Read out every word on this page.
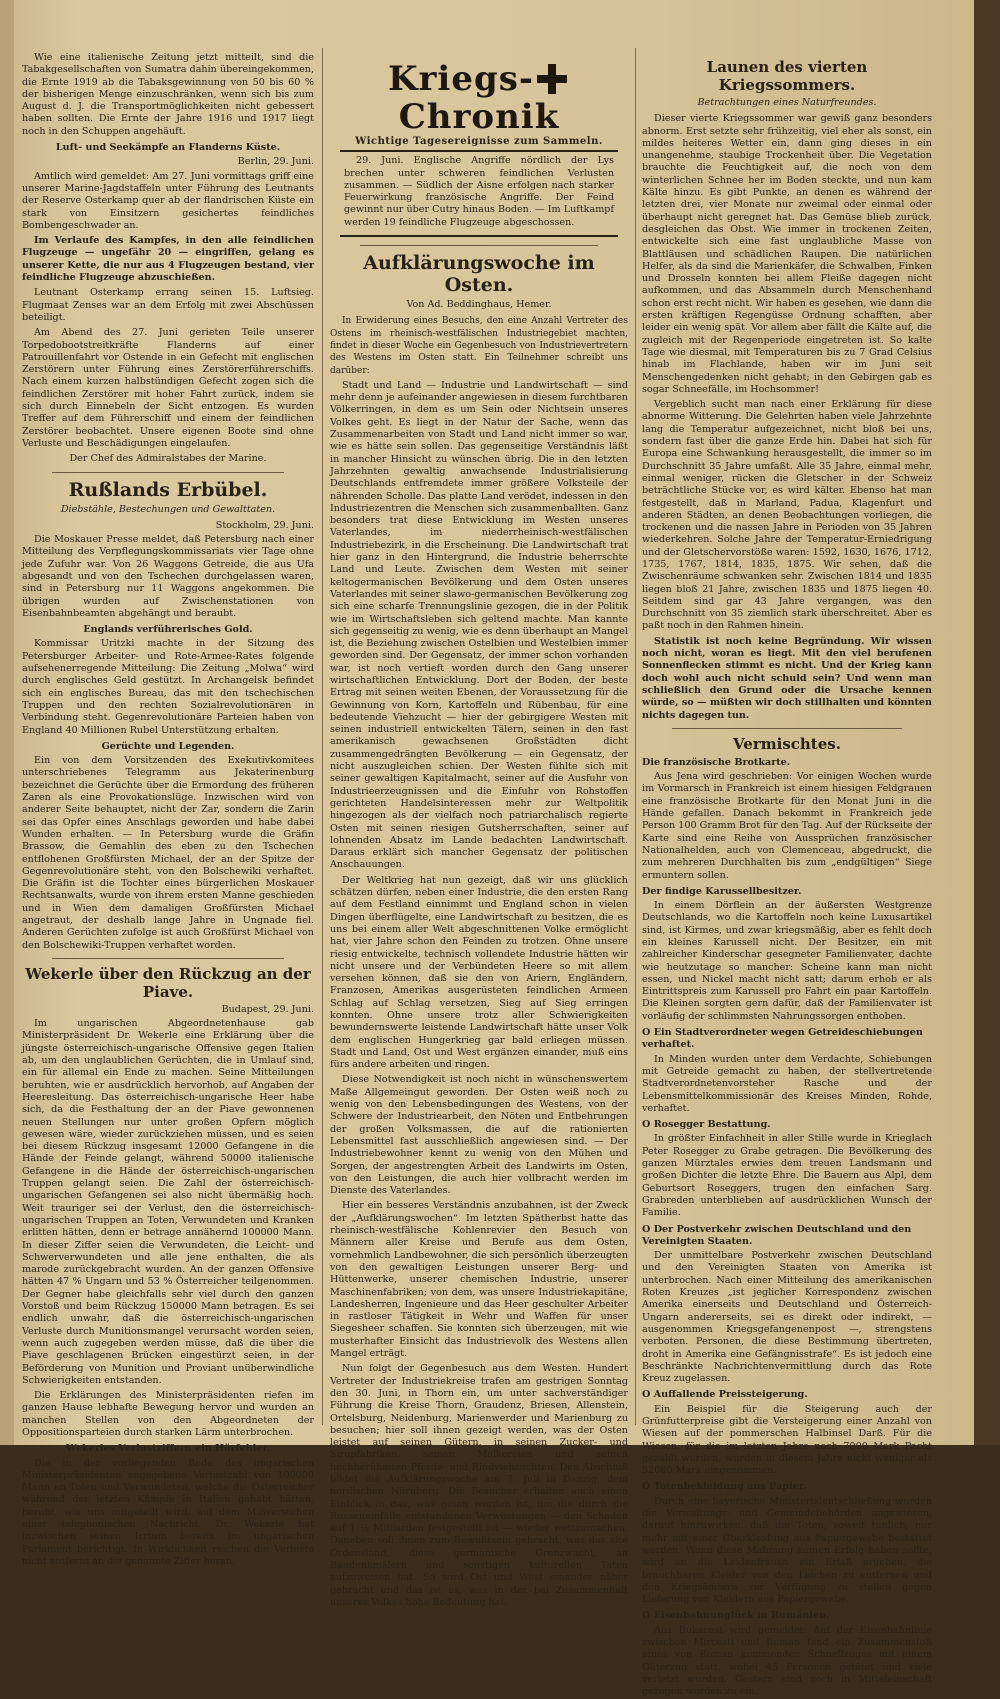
Wie eine italienische Zeitung jetzt mitteilt, sind die Tabakgesellschaften von Sumatra dahin übereingekommen, die Ernte 1919 ab die Tabaksgewinnung von 50 bis 60 % der bisherigen Menge einzuschränken, wenn sich bis zum August d. J. die Transportmöglichkeiten nicht gebessert haben sollten. Die Ernte der Jahre 1916 und 1917 liegt noch in den Schuppen angehäuft.

Luft- und Seekämpfe an Flanderns Küste.
Berlin, 29. Juni.

Amtlich wird gemeldet: Am 27. Juni vormittags griff eine unserer Marine-Jagdstaffeln unter Führung des Leutnants der Reserve Osterkamp quer ab der flandrischen Küste ein stark von Einsitzern gesichertes feindliches Bombengeschwader an.

Im Verlaufe des Kampfes, in den alle feindlichen Flugzeuge — ungefähr 20 — eingriffen, gelang es unserer Kette, die nur aus 4 Flugzeugen bestand, vier feindliche Flugzeuge abzuschießen.

Leutnant Osterkamp errang seinen 15. Luftsieg. Flugmaat Zenses war an dem Erfolg mit zwei Abschüssen beteiligt.

Am Abend des 27. Juni gerieten Teile unserer Torpedobootstreitkräfte Flanderns auf einer Patrouillenfahrt vor Ostende in ein Gefecht mit englischen Zerstörern unter Führung eines Zerstörerführerschiffs. Nach einem kurzen halbstündigen Gefecht zogen sich die feindlichen Zerstörer mit hoher Fahrt zurück, indem sie sich durch Einnebeln der Sicht entzogen. Es wurden Treffer auf dem Führerschiff und einem der feindlichen Zerstörer beobachtet. Unsere eigenen Boote sind ohne Verluste und Beschädigungen eingelaufen.

Der Chef des Admiralstabes der Marine.
Rußlands Erbübel.
Diebstähle, Bestechungen und Gewalttaten.
Stockholm, 29. Juni.

Die Moskauer Presse meldet, daß Petersburg nach einer Mitteilung des Verpflegungskommissariats vier Tage ohne jede Zufuhr war. Von 26 Waggons Getreide, die aus Ufa abgesandt und von den Tschechen durchgelassen waren, sind in Petersburg nur 11 Waggons angekommen. Die übrigen wurden auf Zwischenstationen von Eisenbahnbeamten abgehängt und beraubt.

Englands verführerisches Gold.

Kommissar Uritzki machte in der Sitzung des Petersburger Arbeiter- und Rote-Armee-Rates folgende aufsehenerregende Mitteilung: Die Zeitung „Molwa“ wird durch englisches Geld gestützt. In Archangelsk befindet sich ein englisches Bureau, das mit den tschechischen Truppen und den rechten Sozialrevolutionären in Verbindung steht. Gegenrevolutionäre Parteien haben von England 40 Millionen Rubel Unterstützung erhalten.

Gerüchte und Legenden.

Ein von dem Vorsitzenden des Exekutivkomitees unterschriebenes Telegramm aus Jekaterinenburg bezeichnet die Gerüchte über die Ermordung des früheren Zaren als eine Provokationslüge. Inzwischen wird von anderer Seite behauptet, nicht der Zar, sondern die Zarin sei das Opfer eines Anschlags geworden und habe dabei Wunden erhalten. — In Petersburg wurde die Gräfin Brassow, die Gemahlin des eben zu den Tschechen entflohenen Großfürsten Michael, der an der Spitze der Gegenrevolutionäre steht, von den Bolschewiki verhaftet. Die Gräfin ist die Tochter eines bürgerlichen Moskauer Rechtsanwalts, wurde von ihrem ersten Manne geschieden und in Wien dem damaligen Großfürsten Michael angetraut, der deshalb lange Jahre in Ungnade fiel. Anderen Gerüchten zufolge ist auch Großfürst Michael von den Bolschewiki-Truppen verhaftet worden.

Wekerle über den Rückzug an der Piave.
Budapest, 29. Juni.

Im ungarischen Abgeordnetenhause gab Ministerpräsident Dr. Wekerle eine Erklärung über die jüngste österreichisch-ungarische Offensive gegen Italien ab, um den unglaublichen Gerüchten, die in Umlauf sind, ein für allemal ein Ende zu machen. Seine Mitteilungen beruhten, wie er ausdrücklich hervorhob, auf Angaben der Heeresleitung. Das österreichisch-ungarische Heer habe sich, da die Festhaltung der an der Piave gewonnenen neuen Stellungen nur unter großen Opfern möglich gewesen wäre, wieder zurückziehen müssen, und es seien bei diesem Rückzug insgesamt 12000 Gefangene in die Hände der Feinde gelangt, während 50000 italienische Gefangene in die Hände der österreichisch-ungarischen Truppen gelangt seien. Die Zahl der österreichisch-ungarischen Gefangenen sei also nicht übermäßig hoch. Weit trauriger sei der Verlust, den die österreichisch-ungarischen Truppen an Toten, Verwundeten und Kranken erlitten hätten, denn er betrage annähernd 100000 Mann. In dieser Ziffer seien die Verwundeten, die Leicht- und Schwerverwundeten und alle jene enthalten, die als marode zurückgebracht wurden. An der ganzen Offensive hätten 47 % Ungarn und 53 % Österreicher teilgenommen. Der Gegner habe gleichfalls sehr viel durch den ganzen Vorstoß und beim Rückzug 150000 Mann betragen. Es sei endlich unwahr, daß die österreichisch-ungarischen Verluste durch Munitionsmangel verursacht worden seien, wenn auch zugegeben werden müsse, daß die über die Piave geschlagenen Brücken eingestürzt seien, in der Beförderung von Munition und Proviant unüberwindliche Schwierigkeiten entstanden.

Die Erklärungen des Ministerpräsidenten riefen im ganzen Hause lebhafte Bewegung hervor und wurden an manchen Stellen von den Abgeordneten der Oppositionsparteien durch starken Lärm unterbrochen.

Wekerles Verlustziffern ein Hörfehler.

Die in der vorliegenden Rede des ungarischen Ministerpräsidenten angegebene Verlustzahl von 100000 Mann an Toten und Verwundeten, welche die Österreicher während der letzten Kämpfe in Italien gehabt hätten, beruht, wie uns mitgeteilt wird, auf dem Mißverstehen einer telephonischen Nachricht. Dr. Wekerle hat inzwischen seinen Irrtum bereits im ungarischen Parlament berichtigt. In Wirklichkeit reichen die Verluste nicht entfernt an die genannte Ziffer heran.

Kriegs-Chronik
Wichtige Tagesereignisse zum Sammeln.

29. Juni. Englische Angriffe nördlich der Lys brechen unter schweren feindlichen Verlusten zusammen. — Südlich der Aisne erfolgen nach starker Feuerwirkung französische Angriffe. Der Feind gewinnt nur über Cutry hinaus Boden. — Im Luftkampf werden 19 feindliche Flugzeuge abgeschossen.

Aufklärungswoche im Osten.
Von Ad. Beddinghaus, Hemer.

In Erwiderung eines Besuchs, den eine Anzahl Vertreter des Ostens im rheinisch-westfälischen Industriegebiet machten, findet in dieser Woche ein Gegenbesuch von Industrievertretern des Westens im Osten statt. Ein Teilnehmer schreibt uns darüber:

Stadt und Land — Industrie und Landwirtschaft — sind mehr denn je aufeinander angewiesen in diesem furchtbaren Völkerringen, in dem es um Sein oder Nichtsein unseres Volkes geht. Es liegt in der Natur der Sache, wenn das Zusammenarbeiten von Stadt und Land nicht immer so war, wie es hätte sein sollen. Das gegenseitige Verständnis läßt in mancher Hinsicht zu wünschen übrig. Die in den letzten Jahrzehnten gewaltig anwachsende Industrialisierung Deutschlands entfremdete immer größere Volksteile der nährenden Scholle. Das platte Land verödet, indessen in den Industriezentren die Menschen sich zusammenballten. Ganz besonders trat diese Entwicklung im Westen unseres Vaterlandes, im niederrheinisch-westfälischen Industriebezirk, in die Erscheinung. Die Landwirtschaft trat hier ganz in den Hintergrund, die Industrie beherrschte Land und Leute. Zwischen dem Westen mit seiner keltogermanischen Bevölkerung und dem Osten unseres Vaterlandes mit seiner slawo-germanischen Bevölkerung zog sich eine scharfe Trennungslinie gezogen, die in der Politik wie im Wirtschaftsleben sich geltend machte. Man kannte sich gegenseitig zu wenig, wie es denn überhaupt an Mangel ist, die Beziehung zwischen Ostelbien und Westelbien immer geworden sind. Der Gegensatz, der immer schon vorhanden war, ist noch vertieft worden durch den Gang unserer wirtschaftlichen Entwicklung. Dort der Boden, der beste Ertrag mit seinen weiten Ebenen, der Voraussetzung für die Gewinnung von Korn, Kartoffeln und Rübenbau, für eine bedeutende Viehzucht — hier der gebirgigere Westen mit seinen industriell entwickelten Tälern, seinen in den fast amerikanisch gewachsenen Großstädten dicht zusammengedrängten Bevölkerung — ein Gegensatz, der nicht auszugleichen schien. Der Westen fühlte sich mit seiner gewaltigen Kapitalmacht, seiner auf die Ausfuhr von Industrieerzeugnissen und die Einfuhr von Rohstoffen gerichteten Handelsinteressen mehr zur Weltpolitik hingezogen als der vielfach noch patriarchalisch regierte Osten mit seinen riesigen Gutsherrschaften, seiner auf lohnenden Absatz im Lande bedachten Landwirtschaft. Daraus erklärt sich mancher Gegensatz der politischen Anschauungen.

Der Weltkrieg hat nun gezeigt, daß wir uns glücklich schätzen dürfen, neben einer Industrie, die den ersten Rang auf dem Festland einnimmt und England schon in vielen Dingen überflügelte, eine Landwirtschaft zu besitzen, die es uns bei einem aller Welt abgeschnittenen Volke ermöglicht hat, vier Jahre schon den Feinden zu trotzen. Ohne unsere riesig entwickelte, technisch vollendete Industrie hätten wir nicht unsere und der Verbündeten Heere so mit allem versehen können, daß sie den von Ariern, Engländern, Franzosen, Amerikas ausgerüsteten feindlichen Armeen Schlag auf Schlag versetzen, Sieg auf Sieg erringen konnten. Ohne unsere trotz aller Schwierigkeiten bewundernswerte leistende Landwirtschaft hätte unser Volk dem englischen Hungerkrieg gar bald erliegen müssen. Stadt und Land, Ost und West ergänzen einander, muß eins fürs andere arbeiten und ringen.

Diese Notwendigkeit ist noch nicht in wünschenswertem Maße Allgemeingut geworden. Der Osten weiß noch zu wenig von den Lebensbedingungen des Westens, von der Schwere der Industriearbeit, den Nöten und Entbehrungen der großen Volksmassen, die auf die rationierten Lebensmittel fast ausschließlich angewiesen sind. — Der Industriebewohner kennt zu wenig von den Mühen und Sorgen, der angestrengten Arbeit des Landwirts im Osten, von den Leistungen, die auch hier vollbracht werden im Dienste des Vaterlandes.

Hier ein besseres Verständnis anzubahnen, ist der Zweck der „Aufklärungswochen“. Im letzten Spätherbst hatte das rheinisch-westfälische Kohlenrevier den Besuch von Männern aller Kreise und Berufe aus dem Osten, vornehmlich Landbewohner, die sich persönlich überzeugten von den gewaltigen Leistungen unserer Berg- und Hüttenwerke, unserer chemischen Industrie, unserer Maschinenfabriken; von dem, was unsere Industriekapitäne, Landesherren, Ingenieure und das Heer geschulter Arbeiter in rastloser Tätigkeit in Wehr und Waffen für unser Siegesheer schaffen. Sie konnten sich überzeugen, mit wie musterhafter Einsicht das Industrievolk des Westens allen Mangel erträgt.

Nun folgt der Gegenbesuch aus dem Westen. Hundert Vertreter der Industriekreise trafen am gestrigen Sonntag den 30. Juni, in Thorn ein, um unter sachverständiger Führung die Kreise Thorn, Graudenz, Briesen, Allenstein, Ortelsburg, Neidenburg, Marienwerder und Marienburg zu besuchen; hier soll ihnen gezeigt werden, was der Osten leistet auf seinen Gütern, in seinen Zucker- und Sirupfabriken, seinen Molkereien und seinen hochberühmten Pferde- und Rindviehzuchten. Den Abschluß bildet die Aufklärungswoche am 7. Juli in Danzig, dem nordischen Nürnberg. Die Besucher erhalten auch einen Einblick in das, was getan worden ist, um die durch die Russeneinfälle entstandenen Verwüstungen — den Schaden auf 1 ½ Milliarden festgestellt ist — wieder wettzumachen. Daneben soll ihnen zum Bewußtsein gebracht, was das alte Ordensland, diese germanische Grenzwacht, an Baudenkmälern und sonstigen kulturellen Taten aufzuweisen hat. So wird Ost und West einander näher gebracht und das ist es, was in der bei Zusammenhalt unseres Volkes hohe Bedeutung hat.

Launen des vierten Kriegssommers.
Betrachtungen eines Naturfreundes.

Dieser vierte Kriegssommer war gewiß ganz besonders abnorm. Erst setzte sehr frühzeitig, viel eher als sonst, ein mildes heiteres Wetter ein, dann ging dieses in ein unangenehme, staubige Trockenheit über. Die Vegetation brauchte die Feuchtigkeit auf, die noch von dem winterlichen Schnee her im Boden steckte, und nun kam Kälte hinzu. Es gibt Punkte, an denen es während der letzten drei, vier Monate nur zweimal oder einmal oder überhaupt nicht geregnet hat. Das Gemüse blieb zurück, desgleichen das Obst. Wie immer in trockenen Zeiten, entwickelte sich eine fast unglaubliche Masse von Blattläusen und schädlichen Raupen. Die natürlichen Helfer, als da sind die Marienkäfer, die Schwalben, Finken und Drosseln konnten bei allem Fleiße dagegen nicht aufkommen, und das Absammeln durch Menschenhand schon erst recht nicht. Wir haben es gesehen, wie dann die ersten kräftigen Regengüsse Ordnung schafften, aber leider ein wenig spät. Vor allem aber fällt die Kälte auf, die zugleich mit der Regenperiode eingetreten ist. So kalte Tage wie diesmal, mit Temperaturen bis zu 7 Grad Celsius hinab im Flachlande, haben wir im Juni seit Menschengedenken nicht gehabt; in den Gebirgen gab es sogar Schneefälle, im Hochsommer!

Vergeblich sucht man nach einer Erklärung für diese abnorme Witterung. Die Gelehrten haben viele Jahrzehnte lang die Temperatur aufgezeichnet, nicht bloß bei uns, sondern fast über die ganze Erde hin. Dabei hat sich für Europa eine Schwankung herausgestellt, die immer so im Durchschnitt 35 Jahre umfaßt. Alle 35 Jahre, einmal mehr, einmal weniger, rücken die Gletscher in der Schweiz beträchtliche Stücke vor, es wird kälter. Ebenso hat man festgestellt, daß in Marland, Padua, Klagenfurt und anderen Städten, an denen Beobachtungen vorliegen, die trockenen und die nassen Jahre in Perioden von 35 Jahren wiederkehren. Solche Jahre der Temperatur-Erniedrigung und der Gletschervorstöße waren: 1592, 1630, 1676, 1712, 1735, 1767, 1814, 1835, 1875. Wir sehen, daß die Zwischenräume schwanken sehr. Zwischen 1814 und 1835 liegen bloß 21 Jahre, zwischen 1835 und 1875 liegen 40. Seitdem sind gar 43 Jahre vergangen, was den Durchschnitt von 35 ziemlich stark überschreitet. Aber es paßt noch in den Rahmen hinein.

Statistik ist noch keine Begründung. Wir wissen noch nicht, woran es liegt. Mit den viel berufenen Sonnenflecken stimmt es nicht. Und der Krieg kann doch wohl auch nicht schuld sein? Und wenn man schließlich den Grund oder die Ursache kennen würde, so — müßten wir doch stillhalten und könnten nichts dagegen tun.

Vermischtes.
Die französische Brotkarte.

Aus Jena wird geschrieben: Vor einigen Wochen wurde im Vormarsch in Frankreich ist einem hiesigen Feldgrauen eine französische Brotkarte für den Monat Juni in die Hände gefallen. Danach bekommt in Frankreich jede Person 100 Gramm Brot für den Tag. Auf der Rückseite der Karte sind eine Reihe von Aussprüchen französischer Nationalhelden, auch von Clemenceau, abgedruckt, die zum mehreren Durchhalten bis zum „endgültigen“ Siege ermuntern sollen.

Der findige Karussellbesitzer.

In einem Dörflein an der äußersten Westgrenze Deutschlands, wo die Kartoffeln noch keine Luxusartikel sind, ist Kirmes, und zwar kriegsmäßig, aber es fehlt doch ein kleines Karussell nicht. Der Besitzer, ein mit zahlreicher Kinderschar gesegneter Familienvater, dachte wie heutzutage so mancher: Scheine kann man nicht essen, und Nickel macht nicht satt; darum erhob er als Eintrittspreis zum Karussell pro Fahrt ein paar Kartoffeln. Die Kleinen sorgten gern dafür, daß der Familienvater ist vorläufig der schlimmsten Nahrungssorgen enthoben.

O Ein Stadtverordneter wegen Getreideschiebungen verhaftet.

In Minden wurden unter dem Verdachte, Schiebungen mit Getreide gemacht zu haben, der stellvertretende Stadtverordnetenvorsteher Rasche und der Lebensmittelkommissionär des Kreises Minden, Rohde, verhaftet.

O Rosegger Bestattung.

In größter Einfachheit in aller Stille wurde in Krieglach Peter Rosegger zu Grabe getragen. Die Bevölkerung des ganzen Mürztales erwies dem treuen Landsmann und großen Dichter die letzte Ehre. Die Bauern aus Alpl, dem Geburtsort Roseggers, trugen den einfachen Sarg. Grabreden unterblieben auf ausdrücklichen Wunsch der Familie.

O Der Postverkehr zwischen Deutschland und den Vereinigten Staaten.

Der unmittelbare Postverkehr zwischen Deutschland und den Vereinigten Staaten von Amerika ist unterbrochen. Nach einer Mitteilung des amerikanischen Roten Kreuzes „ist jeglicher Korrespondenz zwischen Amerika einerseits und Deutschland und Österreich-Ungarn andererseits, sei es direkt oder indirekt, — ausgenommen Kriegsgefangenenpost —, strengstens verboten. Personen, die diese Bestimmung übertreten, droht in Amerika eine Gefängnisstrafe“. Es ist jedoch eine Beschränkte Nachrichtenvermittlung durch das Rote Kreuz zugelassen.

O Auffallende Preissteigerung.

Ein Beispiel für die Steigerung auch der Grünfutterpreise gibt die Versteigerung einer Anzahl von Wiesen auf der pommerschen Halbinsel Darß. Für die Wiesen, für die im letzten Jahre noch 7000 Mark Pacht gezahlt wurden, wurden in diesem Jahre nicht weniger als 52080 Mark eingenommen.

O Totenbekleidung aus Papier.

Durch eine bayerische Ministerialentschließung wurden die Verwaltungs- und Gemeindebehörden angewiesen, darauf hinzuwirken, daß die Toten, soweit tunlich, nur mehr mit einer Oberkleidung aus Papiergewebe bestattet werden. Wenn diese Mahnung keinen Erfolg haben sollte, wird an die Leidenfrauen ein Erlaß ergehen, die brauchbaren Kleider von den Leichen zu entfernen und den Kriegsämtern zur Verfügung zu stellen gegen Lieferung von Kleidern aus Papiergewebe.

O Eisenbahnunglück in Rumänien.

Aus Bukarest wird gemeldet: Auf der Eisenbahnlinie zwischen Mircesti und Roman fand ein Zusammenstoß eines von Roman kommenden Schnellzuges mit einem Güterzug statt, wobei 45 Personen getötet und viele verletzt wurden. Gestern sind noch in Mitteleinschaft gezogen worden zu ein.
